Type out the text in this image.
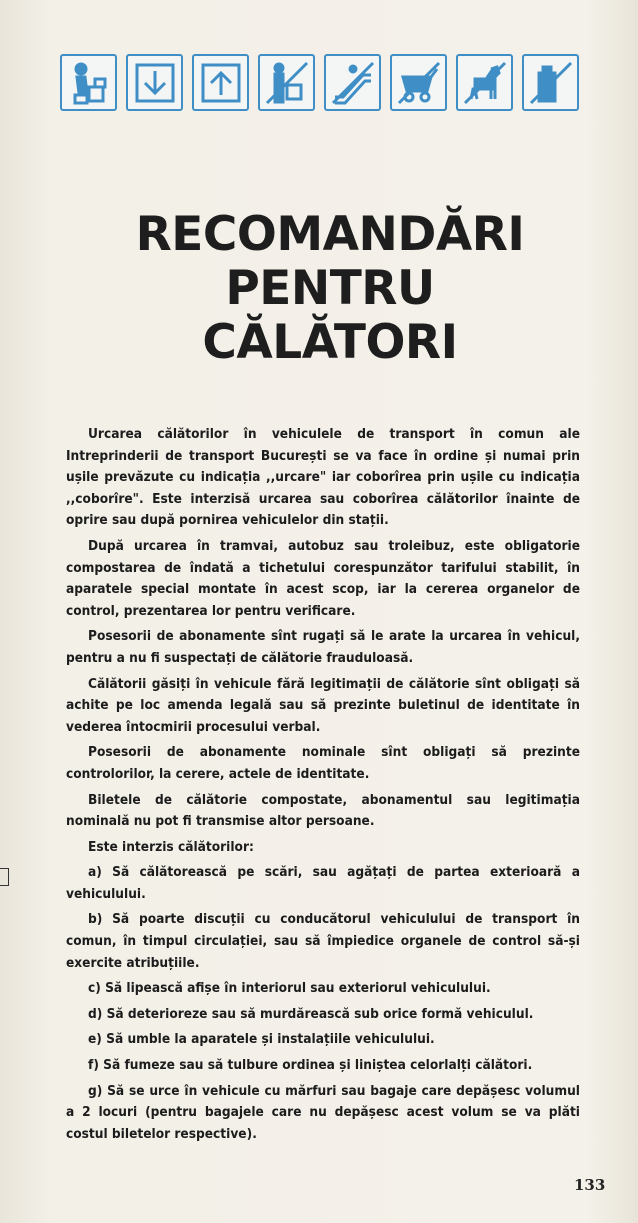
RECOMANDĂRI
PENTRU
CĂLĂTORI

Urcarea călătorilor în vehiculele de transport în comun ale Intreprinderii de transport București se va face în ordine și numai prin ușile prevăzute cu indicația ,,urcare" iar coborîrea prin ușile cu indicația ,,coborîre". Este interzisă urcarea sau coborîrea călătorilor înainte de oprire sau după pornirea vehiculelor din stații.

După urcarea în tramvai, autobuz sau troleibuz, este obligatorie compostarea de îndată a tichetului corespunzător tarifului stabilit, în aparatele special montate în acest scop, iar la cererea organelor de control, prezentarea lor pentru verificare.

Posesorii de abonamente sînt rugați să le arate la urcarea în vehicul, pentru a nu fi suspectați de călătorie frauduloasă.

Călătorii găsiți în vehicule fără legitimații de călătorie sînt obligați să achite pe loc amenda legală sau să prezinte buletinul de identitate în vederea întocmirii procesului verbal.

Posesorii de abonamente nominale sînt obligați să prezinte controlorilor, la cerere, actele de identitate.

Biletele de călătorie compostate, abonamentul sau legitimația nominală nu pot fi transmise altor persoane.

Este interzis călătorilor:

a) Să călătorească pe scări, sau agățați de partea exterioară a vehiculului.

b) Să poarte discuții cu conducătorul vehiculului de transport în comun, în timpul circulației, sau să împiedice organele de control să-și exercite atribuțiile.

c) Să lipească afișe în interiorul sau exteriorul vehiculului.

d) Să deterioreze sau să murdărească sub orice formă vehiculul.

e) Să umble la aparatele și instalațiile vehiculului.

f) Să fumeze sau să tulbure ordinea și liniștea celorlalți călători.

g) Să se urce în vehicule cu mărfuri sau bagaje care depășesc volumul a 2 locuri (pentru bagajele care nu depășesc acest volum se va plăti costul biletelor respective).

133
